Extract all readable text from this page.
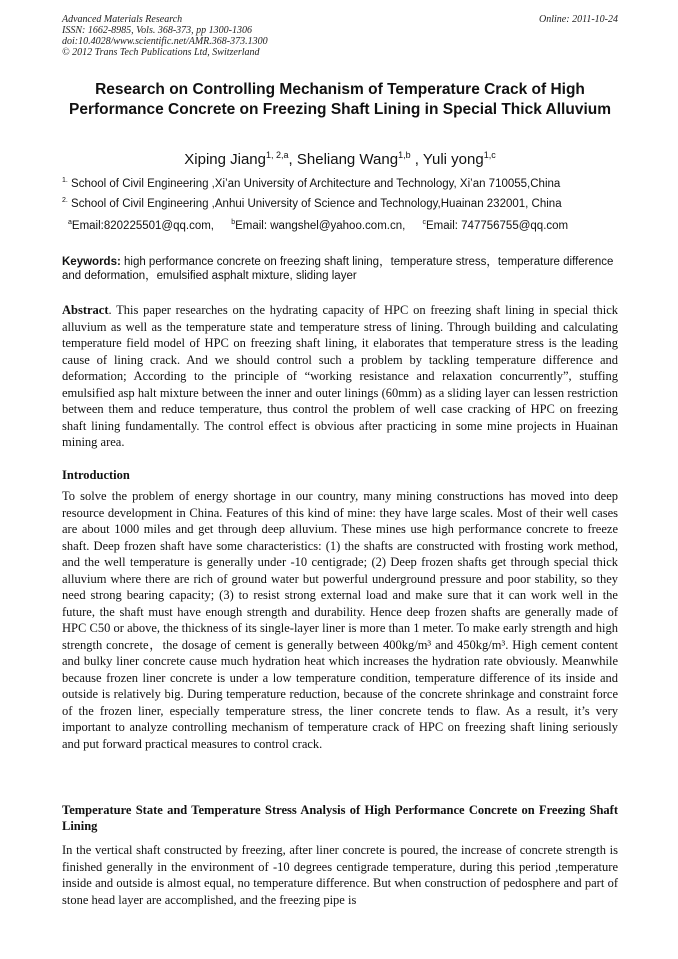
Advanced Materials Research
ISSN: 1662-8985, Vols. 368-373, pp 1300-1306
doi:10.4028/www.scientific.net/AMR.368-373.1300
© 2012 Trans Tech Publications Ltd, Switzerland
Online: 2011-10-24
Research on Controlling Mechanism of Temperature Crack of High Performance Concrete on Freezing Shaft Lining in Special Thick Alluvium
Xiping Jiang$^{1, 2,a}$, Sheliang Wang$^{1,b}$ , Yuli yong$^{1,c}$
$^{1.}$ School of Civil Engineering ,Xi’an University of Architecture and Technology, Xi’an 710055,China
$^{2.}$ School of Civil Engineering ,Anhui University of Science and Technology,Huainan 232001, China
$^a$Email:820225501@qq.com, $^b$Email: wangshel@yahoo.com.cn, $^c$Email: 747756755@qq.com
Keywords: high performance concrete on freezing shaft lining，temperature stress，temperature difference and deformation，emulsified asphalt mixture, sliding layer
Abstract. This paper researches on the hydrating capacity of HPC on freezing shaft lining in special thick alluvium as well as the temperature state and temperature stress of lining. Through building and calculating temperature field model of HPC on freezing shaft lining, it elaborates that temperature stress is the leading cause of lining crack. And we should control such a problem by tackling temperature difference and deformation; According to the principle of “working resistance and relaxation concurrently”, stuffing emulsified asp halt mixture between the inner and outer linings (60mm) as a sliding layer can lessen restriction between them and reduce temperature, thus control the problem of well case cracking of HPC on freezing shaft lining fundamentally. The control effect is obvious after practicing in some mine projects in Huainan mining area.
Introduction
To solve the problem of energy shortage in our country, many mining constructions has moved into deep resource development in China. Features of this kind of mine: they have large scales. Most of their well cases are about 1000 miles and get through deep alluvium. These mines use high performance concrete to freeze shaft. Deep frozen shaft have some characteristics: (1) the shafts are constructed with frosting work method, and the well temperature is generally under -10 centigrade; (2) Deep frozen shafts get through special thick alluvium where there are rich of ground water but powerful underground pressure and poor stability, so they need strong bearing capacity; (3) to resist strong external load and make sure that it can work well in the future, the shaft must have enough strength and durability. Hence deep frozen shafts are generally made of HPC C50 or above, the thickness of its single-layer liner is more than 1 meter. To make early strength and high strength concrete，the dosage of cement is generally between 400kg/m³ and 450kg/m³. High cement content and bulky liner concrete cause much hydration heat which increases the hydration rate obviously. Meanwhile because frozen liner concrete is under a low temperature condition, temperature difference of its inside and outside is relatively big. During temperature reduction, because of the concrete shrinkage and constraint force of the frozen liner, especially temperature stress, the liner concrete tends to flaw. As a result, it’s very important to analyze controlling mechanism of temperature crack of HPC on freezing shaft lining seriously and put forward practical measures to control crack.
Temperature State and Temperature Stress Analysis of High Performance Concrete on Freezing Shaft Lining
In the vertical shaft constructed by freezing, after liner concrete is poured, the increase of concrete strength is finished generally in the environment of -10 degrees centigrade temperature, during this period ,temperature inside and outside is almost equal, no temperature difference. But when construction of pedosphere and part of stone head layer are accomplished, and the freezing pipe is
